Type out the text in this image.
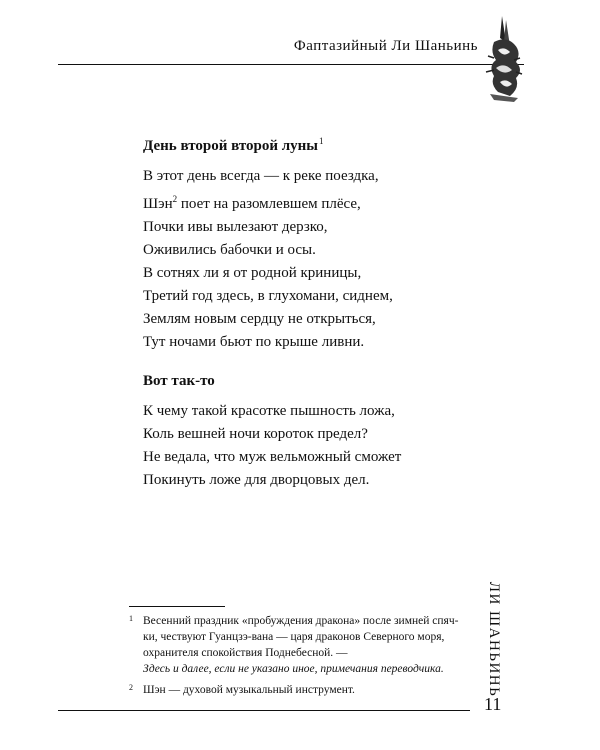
Фаптазийный Ли Шаньинь
День второй второй луны$^1$
В этот день всегда — к реке поездка,
Шэн$^2$ поет на разомлевшем плёсе,
Почки ивы вылезают дерзко,
Оживились бабочки и осы.
В сотнях ли я от родной криницы,
Третий год здесь, в глухомани, сиднем,
Землям новым сердцу не открыться,
Тут ночами бьют по крыше ливни.
Вот так-то
К чему такой красотке пышность ложа,
Коль вешней ночи короток предел?
Не ведала, что муж вельможный сможет
Покинуть ложе для дворцовых дел.
1 Весенний праздник «пробуждения дракона» после зимней спяч-ки, чествуют Гуанцзэ-вана — царя драконов Северного моря, охранителя спокойствия Поднебесной. —
Здесь и далее, если не указано иное, примечания переводчика.
2 Шэн — духовой музыкальный инструмент.	ЛИ ШАНЬИНЬ
11
